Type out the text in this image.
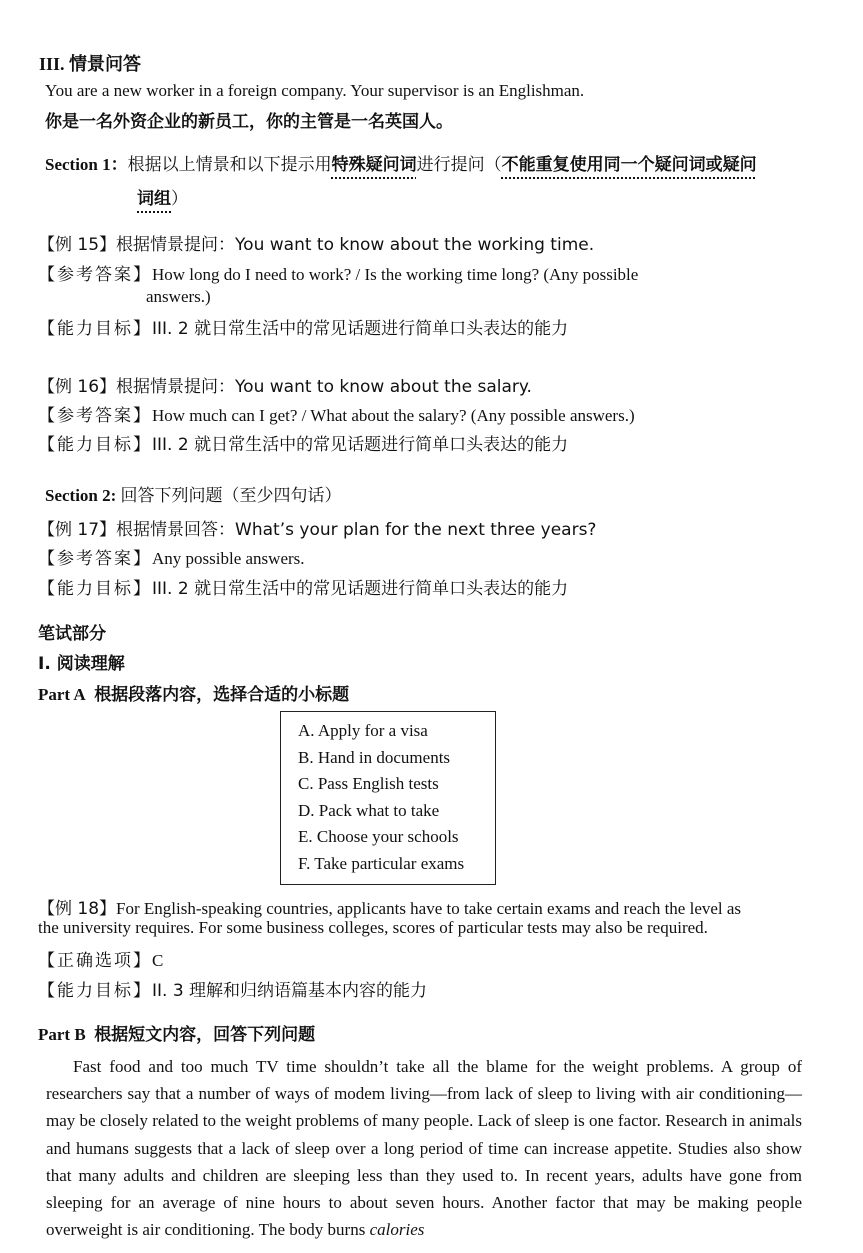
III. 情景问答
You are a new worker in a foreign company. Your supervisor is an Englishman.
你是一名外资企业的新员工，你的主管是一名英国人。
Section 1：根据以上情景和以下提示用特殊疑问词进行提问（不能重复使用同一个疑问词或疑问
词组）
【例 15】根据情景提问：You want to know about the working time.
【参考答案】How long do I need to work? / Is the working time long? (Any possible
answers.)
【能力目标】III. 2 就日常生活中的常见话题进行简单口头表达的能力
【例 16】根据情景提问：You want to know about the salary.
【参考答案】How much can I get? / What about the salary? (Any possible answers.)
【能力目标】III. 2 就日常生活中的常见话题进行简单口头表达的能力
Section 2: 回答下列问题（至少四句话）
【例 17】根据情景回答：What’s your plan for the next three years?
【参考答案】Any possible answers.
【能力目标】III. 2 就日常生活中的常见话题进行简单口头表达的能力
笔试部分
I. 阅读理解
Part A 根据段落内容，选择合适的小标题
A. Apply for a visa
B. Hand in documents
C. Pass English tests
D. Pack what to take
E. Choose your schools
F. Take particular exams
【例 18】For English-speaking countries, applicants have to take certain exams and reach the level as
the university requires. For some business colleges, scores of particular tests may also be required.
【正确选项】C
【能力目标】II. 3 理解和归纳语篇基本内容的能力
Part B 根据短文内容，回答下列问题

Fast food and too much TV time shouldn’t take all the blame for the weight problems. A group of researchers say that a number of ways of modem living—from lack of sleep to living with air conditioning—may be closely related to the weight problems of many people. Lack of sleep is one factor. Research in animals and humans suggests that a lack of sleep over a long period of time can increase appetite. Studies also show that many adults and children are sleeping less than they used to. In recent years, adults have gone from sleeping for an average of nine hours to about seven hours. Another factor that may be making people overweight is air conditioning. The body burns calories
